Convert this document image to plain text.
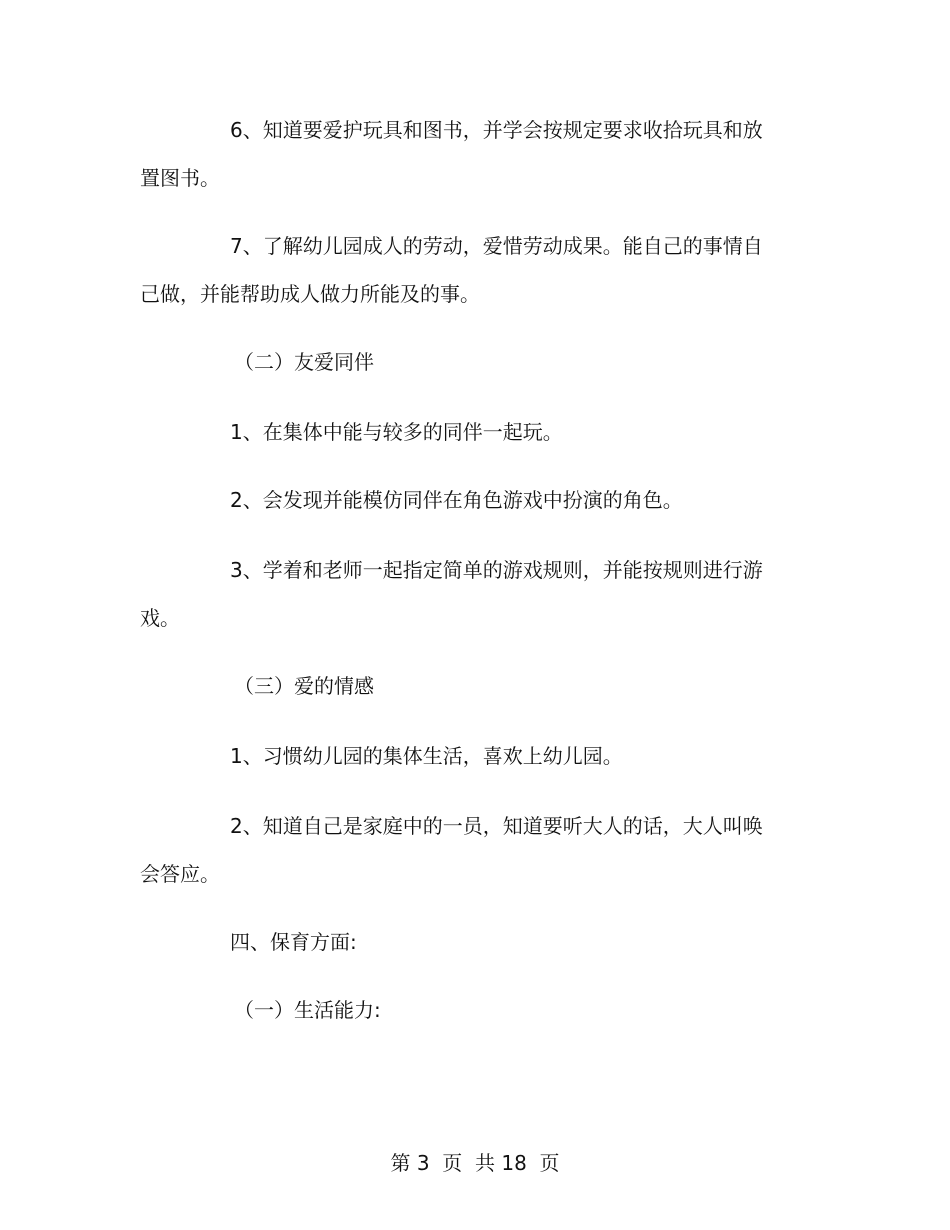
6、知道要爱护玩具和图书，并学会按规定要求收拾玩具和放置图书。

7、了解幼儿园成人的劳动，爱惜劳动成果。能自己的事情自己做，并能帮助成人做力所能及的事。

（二）友爱同伴

1、在集体中能与较多的同伴一起玩。

2、会发现并能模仿同伴在角色游戏中扮演的角色。

3、学着和老师一起指定简单的游戏规则，并能按规则进行游戏。

（三）爱的情感

1、习惯幼儿园的集体生活，喜欢上幼儿园。

2、知道自己是家庭中的一员，知道要听大人的话，大人叫唤会答应。

四、保育方面:

（一）生活能力:

第 3 页  共 18 页
